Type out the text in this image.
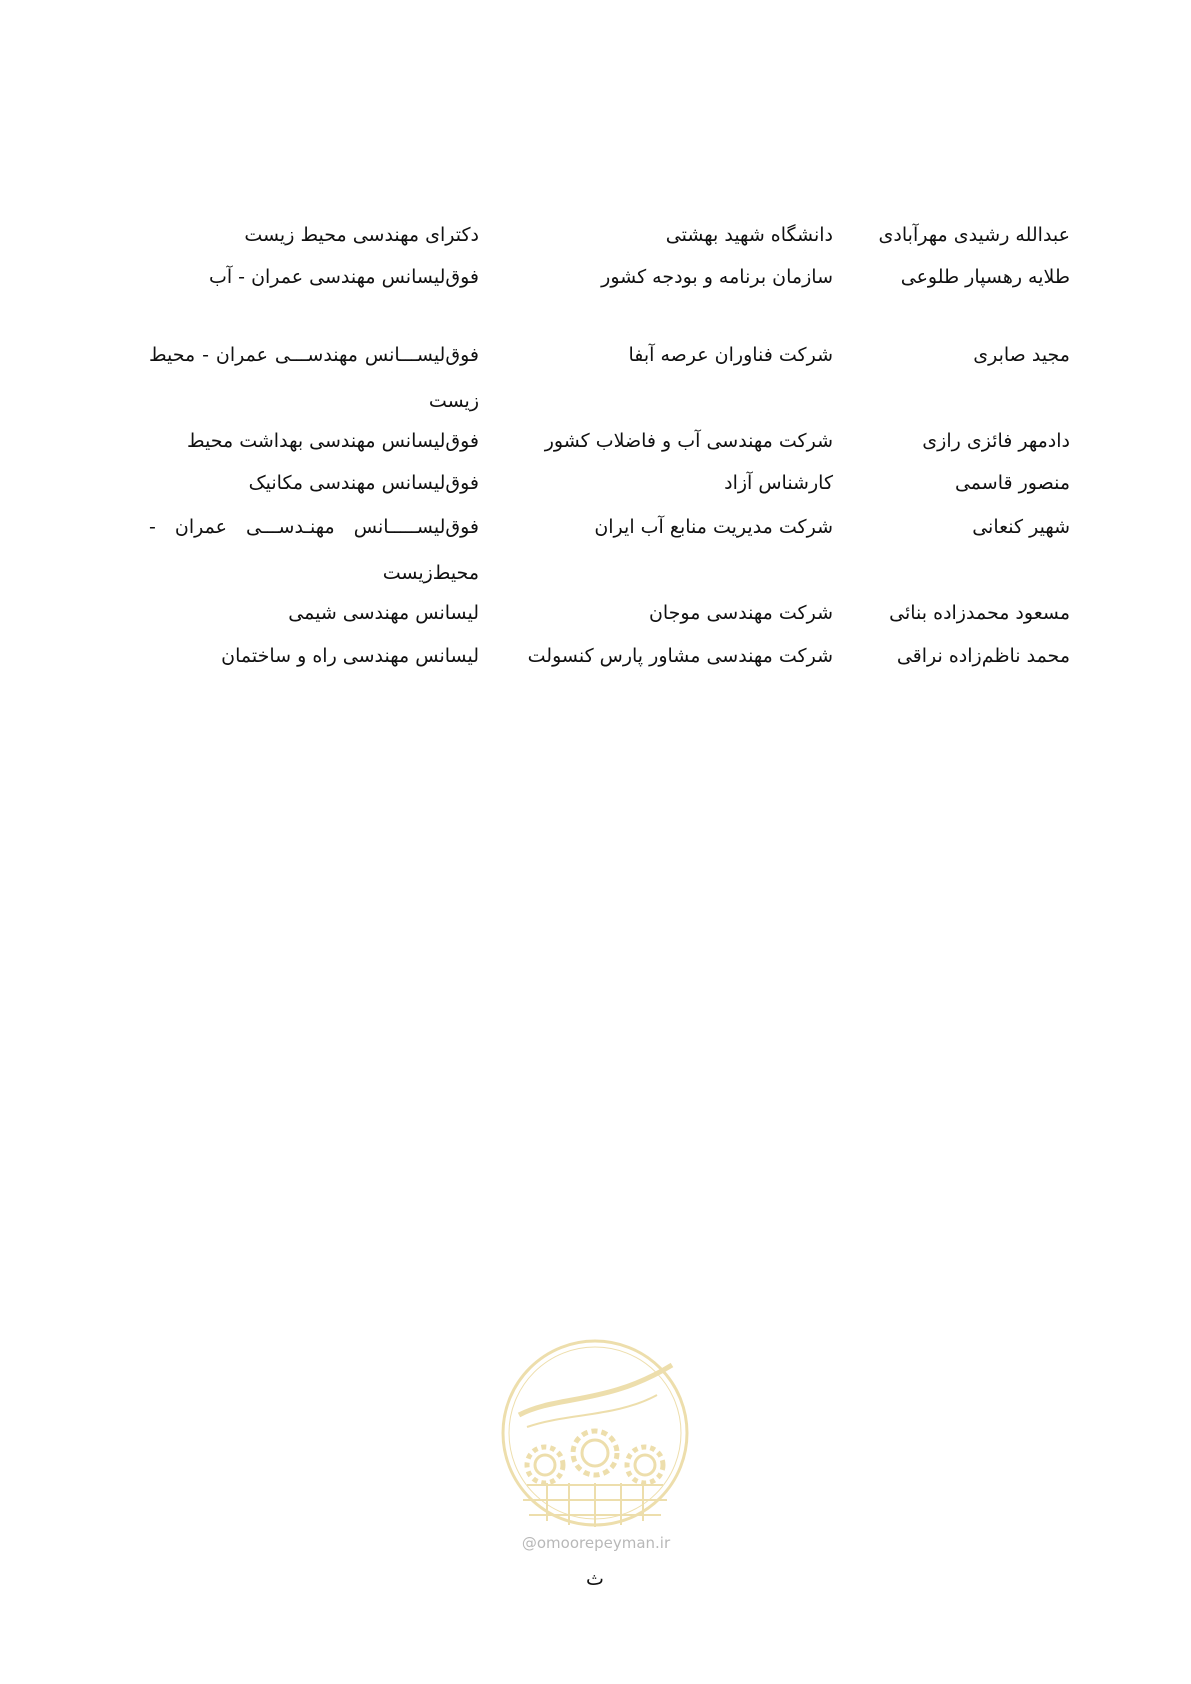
عبدالله رشیدی مهرآبادی
دانشگاه شهید بهشتی
دکترای مهندسی محیط زیست
طلایه رهسپار طلوعی
سازمان برنامه و بودجه کشور
فوق‌لیسانس مهندسی عمران - آب
مجید صابری
شرکت فناوران عرصه آبفا
فوق‌لیســـانس مهندســـی عمران - محیط زیست
دادمهر فائزی رازی
شرکت مهندسی آب و فاضلاب کشور
فوق‌لیسانس مهندسی بهداشت محیط
منصور قاسمی
کارشناس آزاد
فوق‌لیسانس مهندسی مکانیک
شهیر کنعانی
شرکت مدیریت منابع آب ایران
فوق‌لیســـــانس مهنـدســـی عمران - محیط‌زیست
مسعود محمدزاده بنائی
شرکت مهندسی موجان
لیسانس مهندسی شیمی
محمد ناظم‌زاده نراقی
شرکت مهندسی مشاور پارس کنسولت
لیسانس مهندسی راه و ساختمان
@omoorepeyman.ir
ث
